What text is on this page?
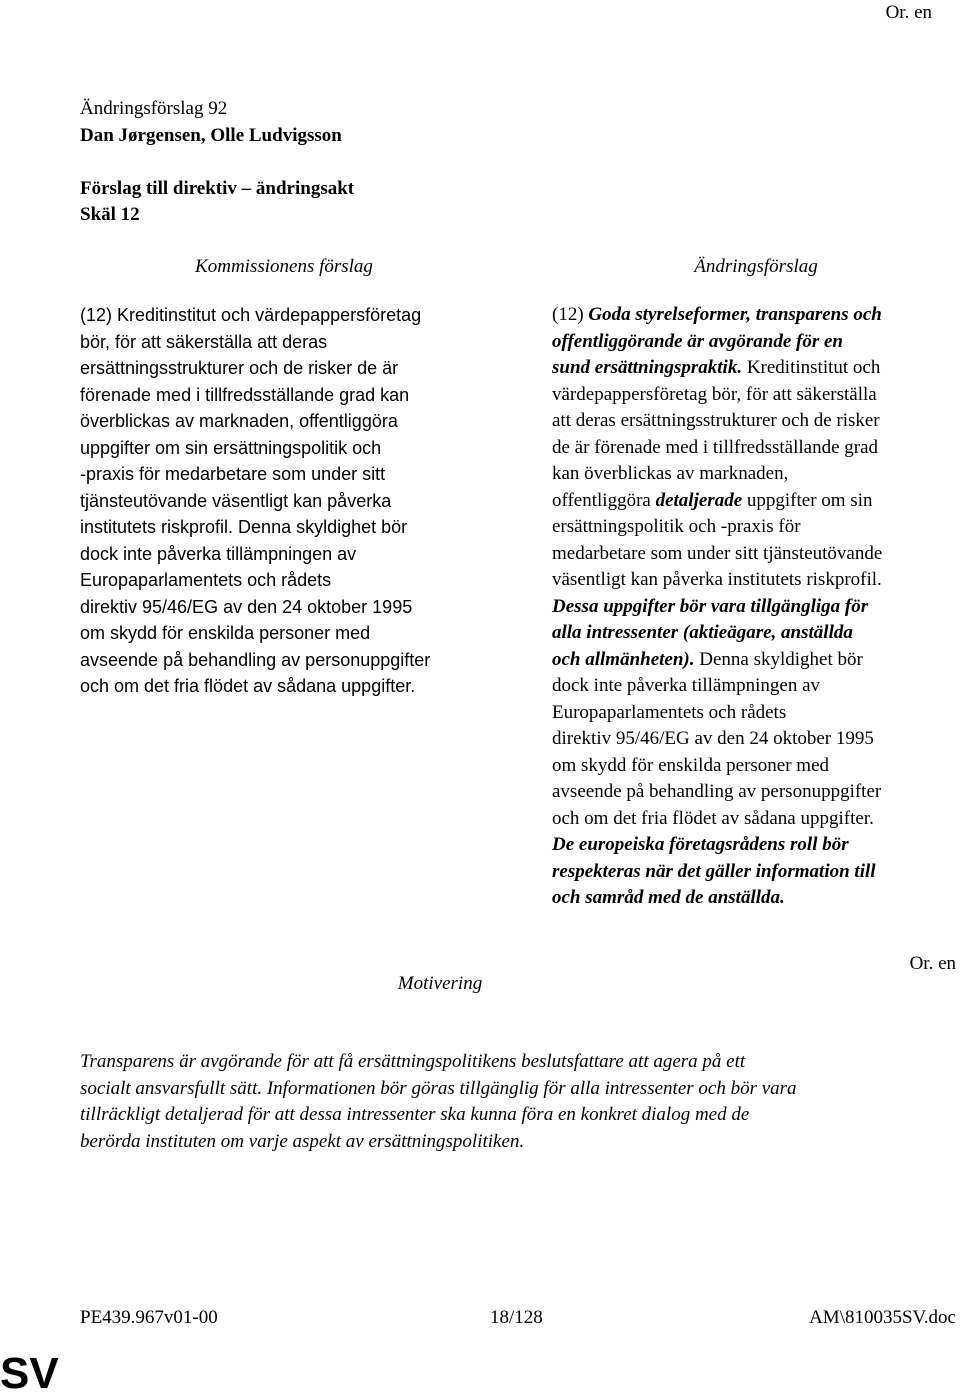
Or. en
Ändringsförslag 92
Dan Jørgensen, Olle Ludvigsson
Förslag till direktiv – ändringsakt
Skäl 12
Kommissionens förslag	Ändringsförslag
(12) Kreditinstitut och värdepappersföretag
bör, för att säkerställa att deras
ersättningsstrukturer och de risker de är
förenade med i tillfredsställande grad kan
överblickas av marknaden, offentliggöra
uppgifter om sin ersättningspolitik och
-praxis för medarbetare som under sitt
tjänsteutövande väsentligt kan påverka
institutets riskprofil. Denna skyldighet bör
dock inte påverka tillämpningen av
Europaparlamentets och rådets
direktiv 95/46/EG av den 24 oktober 1995
om skydd för enskilda personer med
avseende på behandling av personuppgifter
och om det fria flödet av sådana uppgifter.
(12) Goda styrelseformer, transparens och
offentliggörande är avgörande för en
sund ersättningspraktik. Kreditinstitut och
värdepappersföretag bör, för att säkerställa
att deras ersättningsstrukturer och de risker
de är förenade med i tillfredsställande grad
kan överblickas av marknaden,
offentliggöra detaljerade uppgifter om sin
ersättningspolitik och -praxis för
medarbetare som under sitt tjänsteutövande
väsentligt kan påverka institutets riskprofil.
Dessa uppgifter bör vara tillgängliga för
alla intressenter (aktieägare, anställda
och allmänheten). Denna skyldighet bör
dock inte påverka tillämpningen av
Europaparlamentets och rådets
direktiv 95/46/EG av den 24 oktober 1995
om skydd för enskilda personer med
avseende på behandling av personuppgifter
och om det fria flödet av sådana uppgifter.
De europeiska företagsrådens roll bör
respekteras när det gäller information till
och samråd med de anställda.
Or. en
Motivering
Transparens är avgörande för att få ersättningspolitikens beslutsfattare att agera på ett
socialt ansvarsfullt sätt. Informationen bör göras tillgänglig för alla intressenter och bör vara
tillräckligt detaljerad för att dessa intressenter ska kunna föra en konkret dialog med de
berörda instituten om varje aspekt av ersättningspolitiken.
PE439.967v01-00	18/128	AM\810035SV.doc
SV
